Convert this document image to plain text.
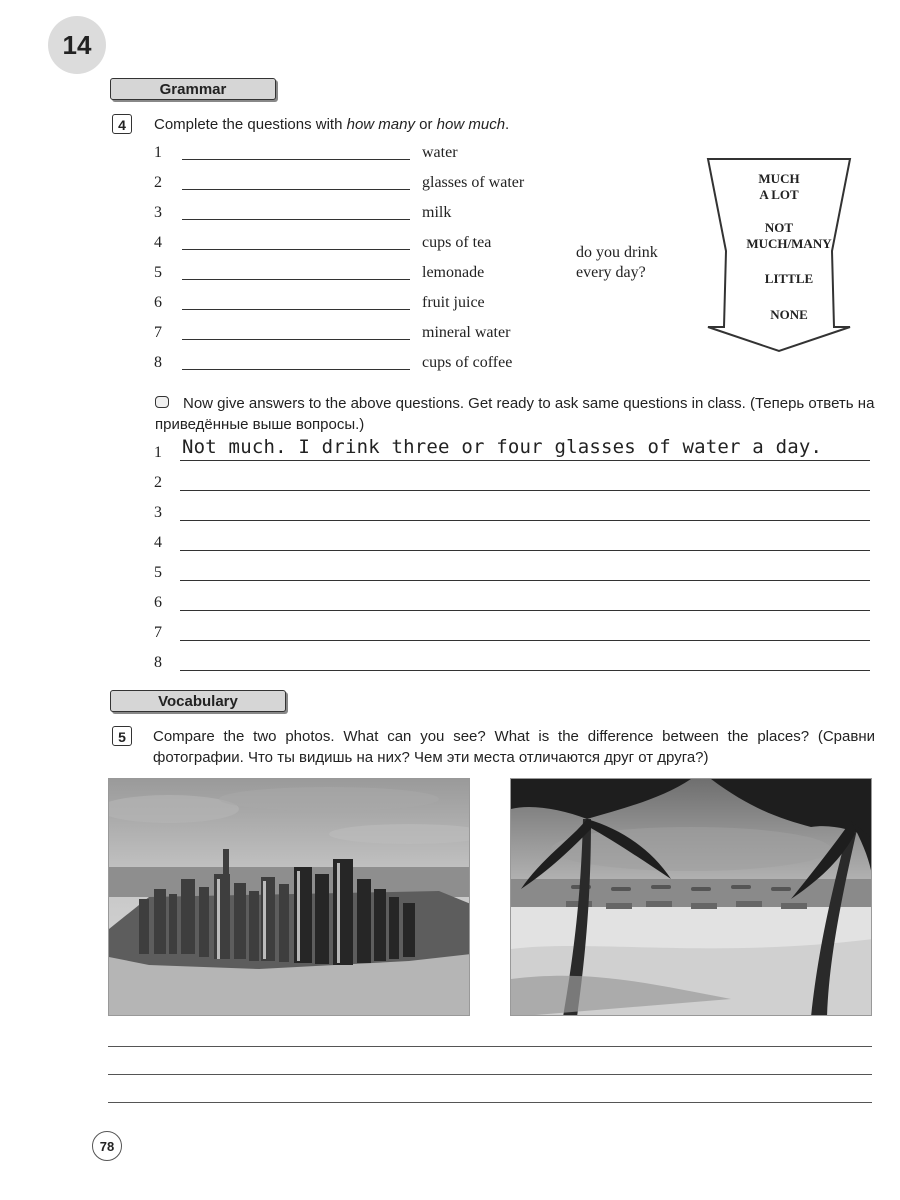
14
Grammar
4	Complete the questions with how many or how much.
1	water
2	glasses of water
3	milk
4	cups of tea
5	lemonade
6	fruit juice
7	mineral water
8	cups of coffee
do you drink
every day?
MUCH
A LOT
NOT
MUCH/MANY
LITTLE
NONE
Now give answers to the above questions. Get ready to ask same questions in class. (Теперь ответь на приведённые выше вопросы.)
1 Not much. I drink three or four glasses of water a day.
2
3
4
5
6
7
8
Vocabulary
5	Compare the two photos. What can you see? What is the difference between the places? (Сравни фотографии. Что ты видишь на них? Чем эти места отличаются друг от друга?)
78
